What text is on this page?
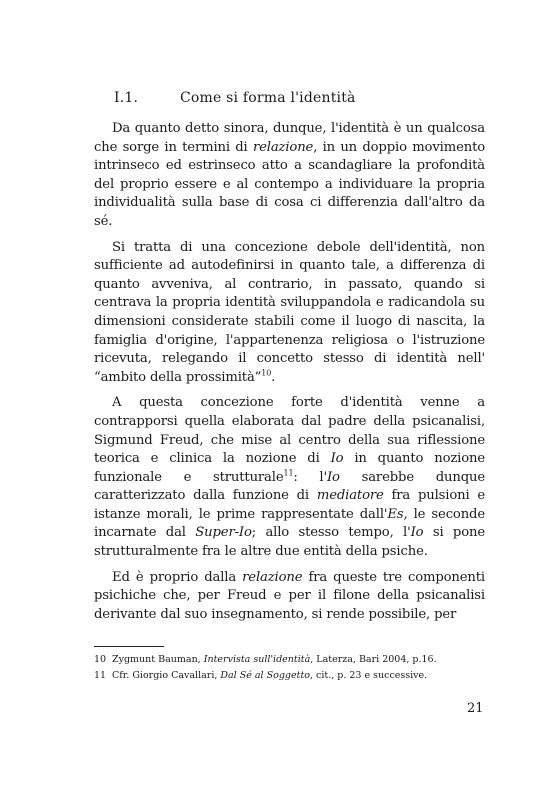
I.1.	Come si forma l'identità

Da quanto detto sinora, dunque, l'identità è un qualcosa che sorge in termini di relazione, in un doppio movimento intrinseco ed estrinseco atto a scandagliare la profondità del proprio essere e al contempo a individuare la propria individualità sulla base di cosa ci differenzia dall'altro da sé.

Si tratta di una concezione debole dell'identità, non sufficiente ad autodefinirsi in quanto tale, a differenza di quanto avveniva, al contrario, in passato, quando si centrava la propria identità sviluppandola e radicandola su dimensioni considerate stabili come il luogo di nascita, la famiglia d'origine, l'appartenenza religiosa o l'istruzione ricevuta, relegando il concetto stesso di identità nell' “ambito della prossimità”$^{10}$.

A questa concezione forte d'identità venne a contrapporsi quella elaborata dal padre della psicanalisi, Sigmund Freud, che mise al centro della sua riflessione teorica e clinica la nozione di Io in quanto nozione funzionale e strutturale$^{11}$: l'Io sarebbe dunque caratterizzato dalla funzione di mediatore fra pulsioni e istanze morali, le prime rappresentate dall'Es, le seconde incarnate dal Super-Io; allo stesso tempo, l'Io si pone strutturalmente fra le altre due entità della psiche.

Ed è proprio dalla relazione fra queste tre componenti psichiche che, per Freud e per il filone della psicanalisi derivante dal suo insegnamento, si rende possibile, per

10 Zygmunt Bauman, Intervista sull'identità, Laterza, Bari 2004, p.16.
11 Cfr. Giorgio Cavallari, Dal Sé al Soggetto, cit., p. 23 e successive.
21
